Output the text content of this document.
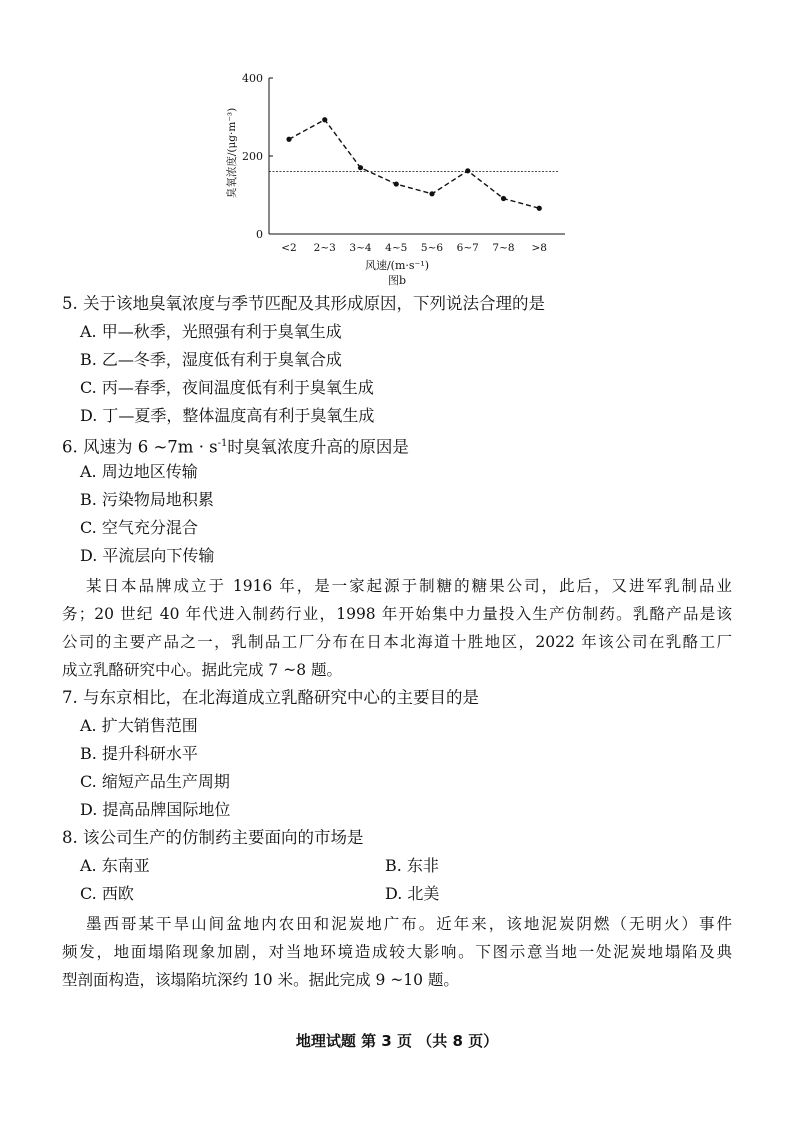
臭氧浓度/(μg·m⁻³)
0
200
400
<2 2~3 3~4 4~5 5~6 6~7 7~8 >8
风速/(m·s⁻¹)
图b
5. 关于该地臭氧浓度与季节匹配及其形成原因，下列说法合理的是
A. 甲—秋季，光照强有利于臭氧生成
B. 乙—冬季，湿度低有利于臭氧合成
C. 丙—春季，夜间温度低有利于臭氧生成
D. 丁—夏季，整体温度高有利于臭氧生成
6. 风速为 6 ~7m · $s^{-1}$时臭氧浓度升高的原因是
A. 周边地区传输
B. 污染物局地积累
C. 空气充分混合
D. 平流层向下传输
某日本品牌成立于 1916 年，是一家起源于制糖的糖果公司，此后，又进军乳制品业
务；20 世纪 40 年代进入制药行业，1998 年开始集中力量投入生产仿制药。乳酪产品是该
公司的主要产品之一，乳制品工厂分布在日本北海道十胜地区，2022 年该公司在乳酪工厂
成立乳酪研究中心。据此完成 7 ~8 题。
7. 与东京相比，在北海道成立乳酪研究中心的主要目的是
A. 扩大销售范围
B. 提升科研水平
C. 缩短产品生产周期
D. 提高品牌国际地位
8. 该公司生产的仿制药主要面向的市场是
A. 东南亚	B. 东非
C. 西欧	D. 北美
墨西哥某干旱山间盆地内农田和泥炭地广布。近年来，该地泥炭阴燃（无明火）事件
频发，地面塌陷现象加剧，对当地环境造成较大影响。下图示意当地一处泥炭地塌陷及典
型剖面构造，该塌陷坑深约 10 米。据此完成 9 ~10 题。
地理试题 第 3 页 （共 8 页）
